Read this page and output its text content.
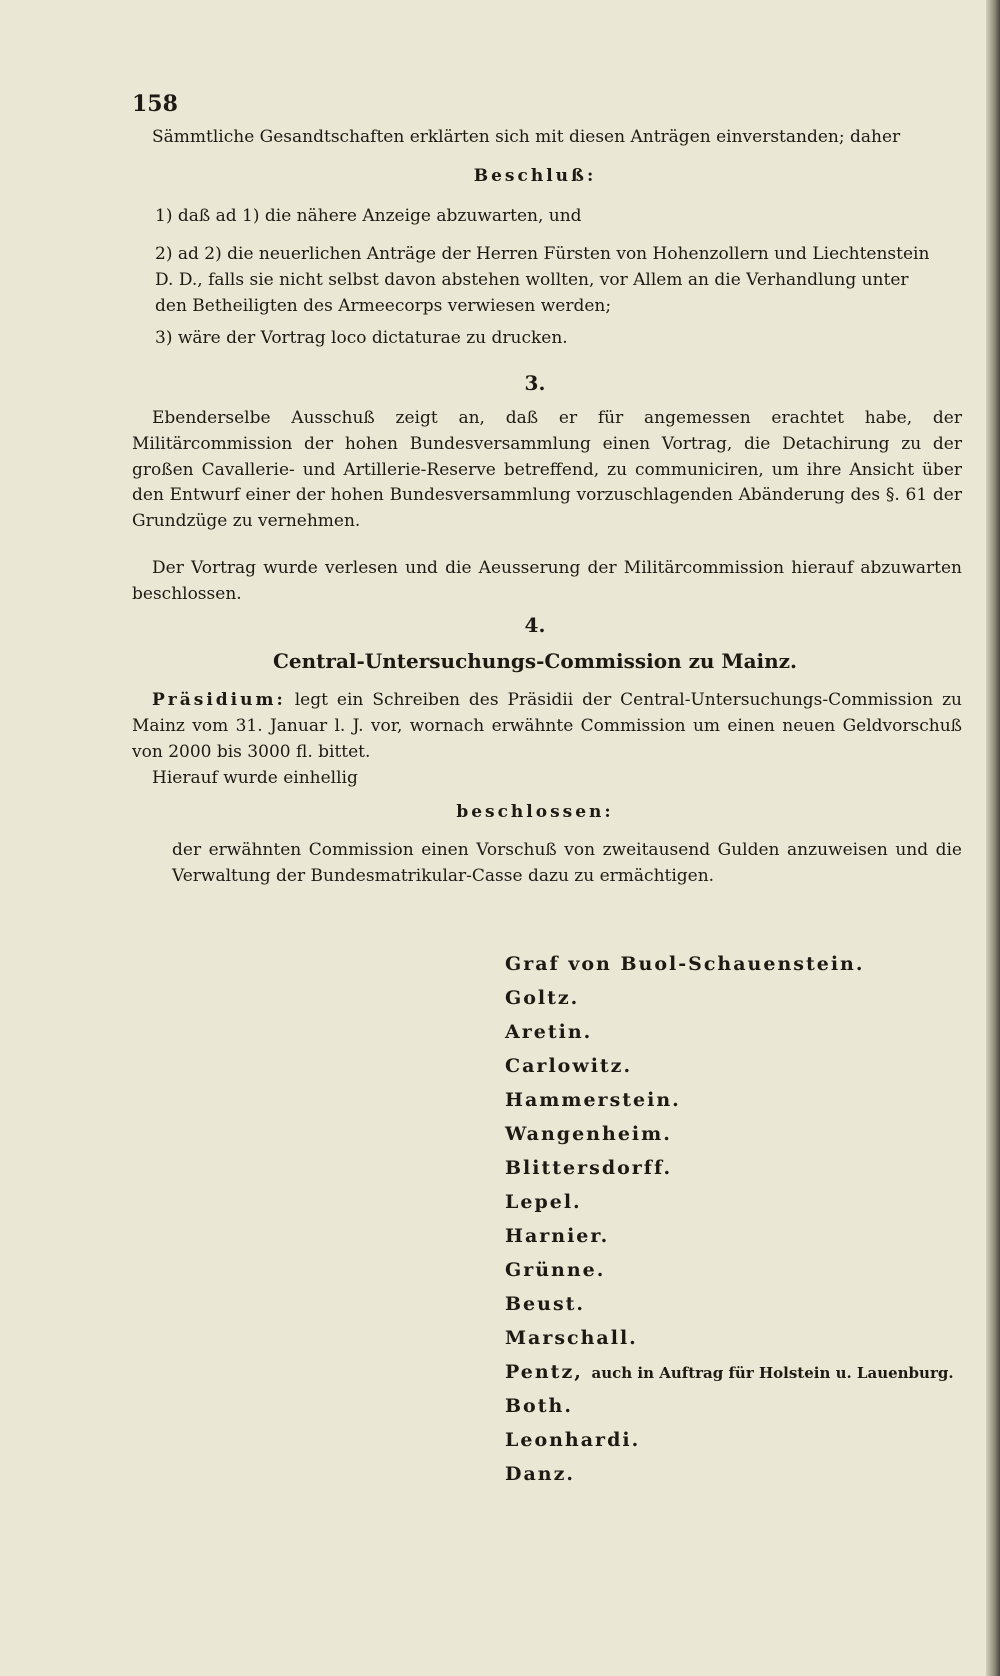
158

Sämmtliche Gesandtschaften erklärten sich mit diesen Anträgen einverstanden; daher

Beschluß:

1) daß ad 1) die nähere Anzeige abzuwarten, und

2) ad 2) die neuerlichen Anträge der Herren Fürsten von Hohenzollern und Liechtenstein D. D., falls sie nicht selbst davon abstehen wollten, vor Allem an die Verhandlung unter den Betheiligten des Armeecorps verwiesen werden;

3) wäre der Vortrag loco dictaturae zu drucken.

3.

Ebenderselbe Ausschuß zeigt an, daß er für angemessen erachtet habe, der Militärcommission der hohen Bundesversammlung einen Vortrag, die Detachirung zu der großen Cavallerie- und Artillerie-Reserve betreffend, zu communiciren, um ihre Ansicht über den Entwurf einer der hohen Bundesversammlung vorzuschlagenden Abänderung des §. 61 der Grundzüge zu vernehmen.

Der Vortrag wurde verlesen und die Aeusserung der Militärcommission hierauf abzuwarten beschlossen.

4.
Central-Untersuchungs-Commission zu Mainz.

Präsidium: legt ein Schreiben des Präsidii der Central-Untersuchungs-Commission zu Mainz vom 31. Januar l. J. vor, wornach erwähnte Commission um einen neuen Geldvorschuß von 2000 bis 3000 fl. bittet.

Hierauf wurde einhellig

beschlossen:

der erwähnten Commission einen Vorschuß von zweitausend Gulden anzuweisen und die Verwaltung der Bundesmatrikular-Casse dazu zu ermächtigen.

Graf von Buol-Schauenstein.
Goltz.
Aretin.
Carlowitz.
Hammerstein.
Wangenheim.
Blittersdorff.
Lepel.
Harnier.
Grünne.
Beust.
Marschall.
Pentz, auch in Auftrag für Holstein u. Lauenburg.
Both.
Leonhardi.
Danz.
